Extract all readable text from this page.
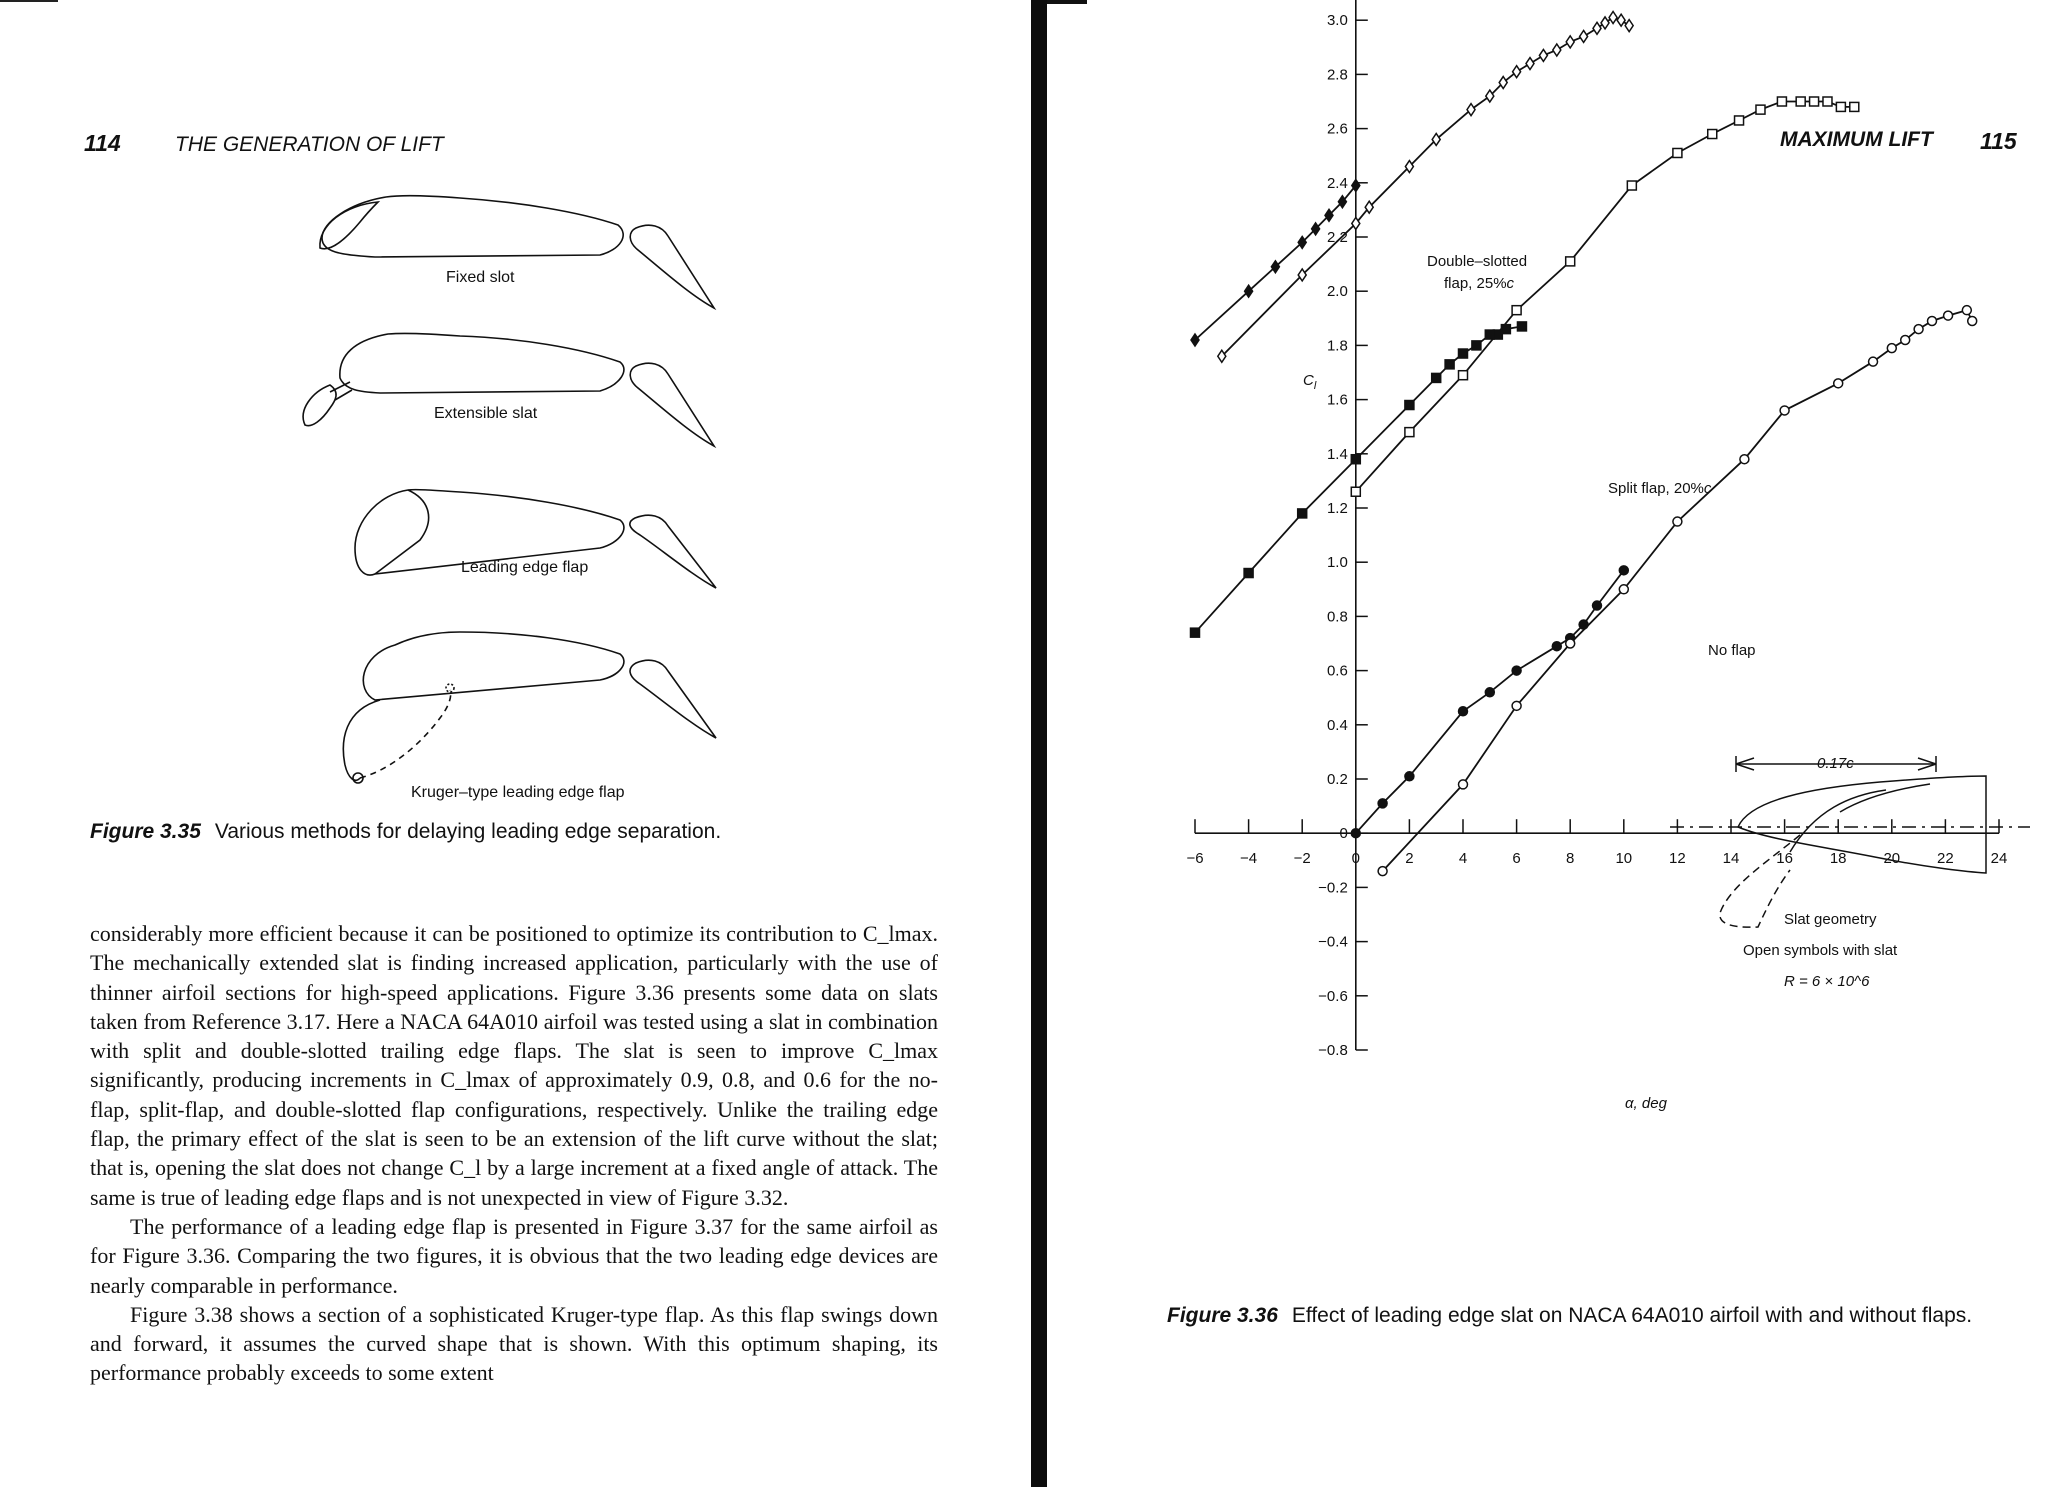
114	THE GENERATION OF LIFT
Fixed slot
Extensible slat
Leading edge flap
Kruger–type leading edge flap
Figure 3.35 Various methods for delaying leading edge separation.

considerably more efficient because it can be positioned to optimize its contribution to C_lmax. The mechanically extended slat is finding increased application, particularly with the use of thinner airfoil sections for high-speed applications. Figure 3.36 presents some data on slats taken from Reference 3.17. Here a NACA 64A010 airfoil was tested using a slat in combination with split and double-slotted trailing edge flaps. The slat is seen to improve C_lmax significantly, producing increments in C_lmax of approximately 0.9, 0.8, and 0.6 for the no-flap, split-flap, and double-slotted flap configurations, respectively. Unlike the trailing edge flap, the primary effect of the slat is seen to be an extension of the lift curve without the slat; that is, opening the slat does not change C_l by a large increment at a fixed angle of attack. The same is true of leading edge flaps and is not unexpected in view of Figure 3.32.

The performance of a leading edge flap is presented in Figure 3.37 for the same airfoil as for Figure 3.36. Comparing the two figures, it is obvious that the two leading edge devices are nearly comparable in performance.

Figure 3.38 shows a section of a sophisticated Kruger-type flap. As this flap swings down and forward, it assumes the curved shape that is shown. With this optimum shaping, its performance probably exceeds to some extent

MAXIMUM LIFT 115
−6 −4 −2	0	2	4	6	8	10 12 14 16 18 20 22 24
−0.8
−0.6
−0.4
−0.2
0
0.2
0.4
0.6
0.8
1.0
1.2
1.4
1.6
1.8
2.0
2.2
2.4
2.6
2.8
3.0
0.17c
Slat geometry
Open symbols with slat
R = 6 × 10^6
Double–slotted
flap, 25%c
Split flap, 20%c
No flap
$C_l$
α, deg
Figure 3.36 Effect of leading edge slat on NACA 64A010 airfoil with and without flaps.
